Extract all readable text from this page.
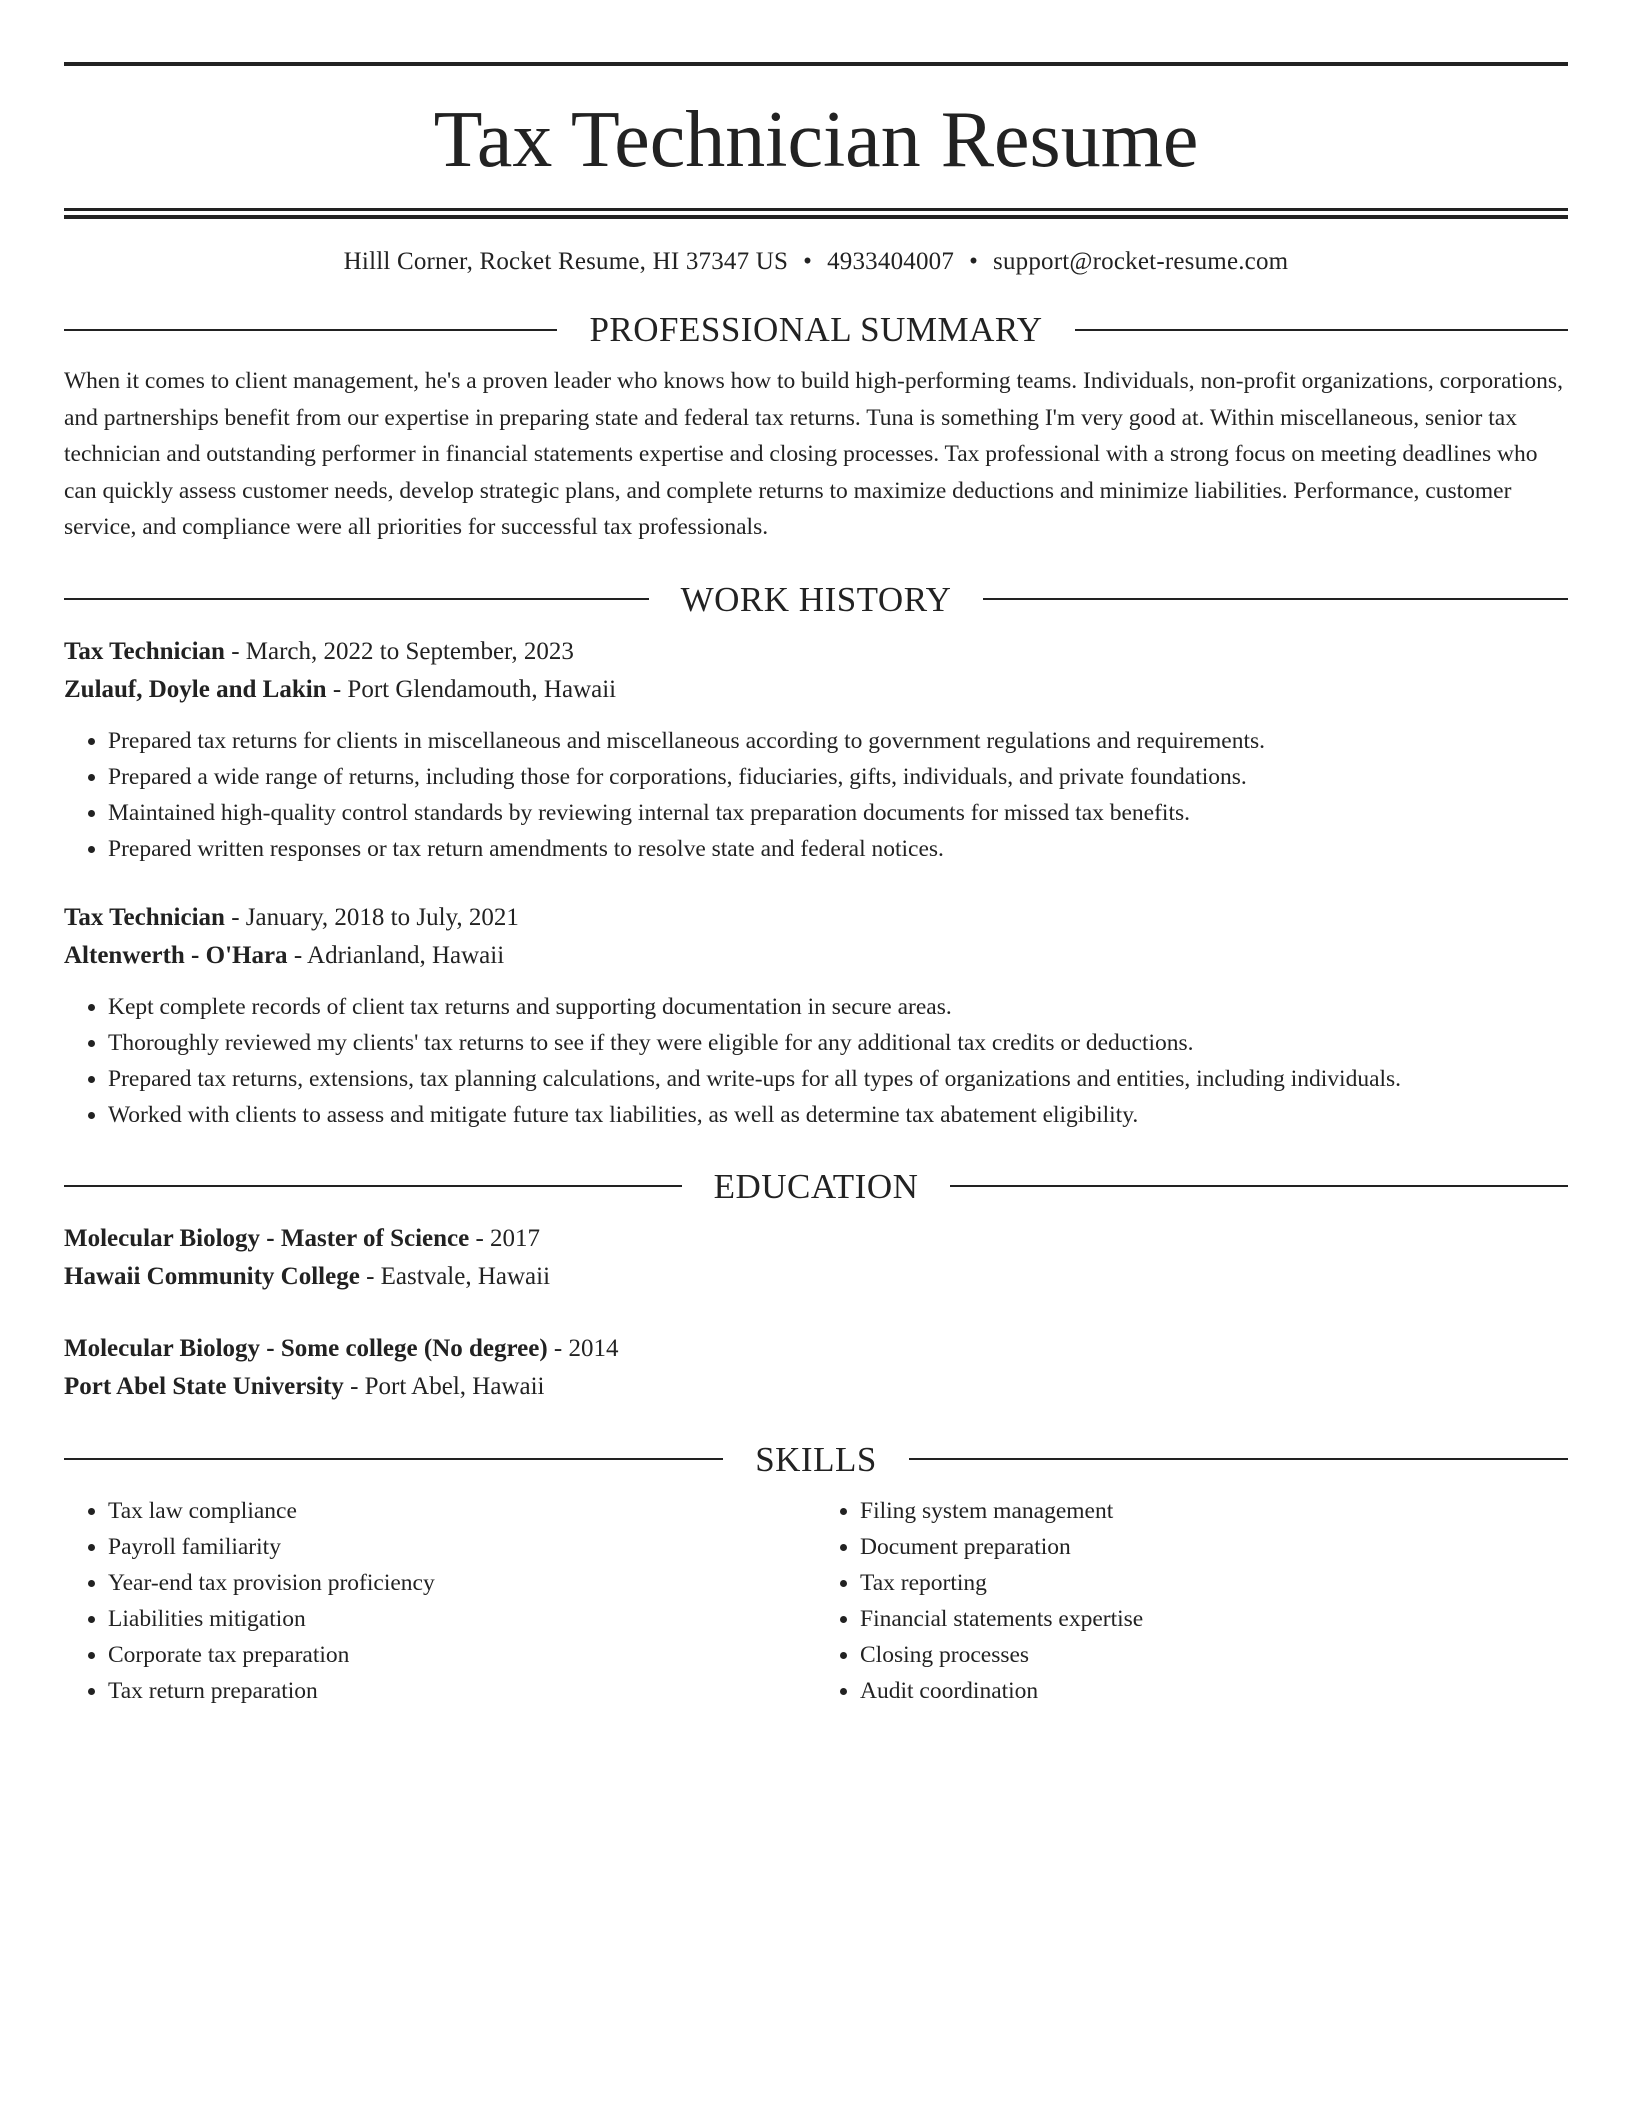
Tax Technician Resume
Hilll Corner, Rocket Resume, HI 37347 US • 4933404007 • support@rocket-resume.com
PROFESSIONAL SUMMARY

When it comes to client management, he's a proven leader who knows how to build high-performing teams. Individuals, non-profit organizations, corporations, and partnerships benefit from our expertise in preparing state and federal tax returns. Tuna is something I'm very good at. Within miscellaneous, senior tax technician and outstanding performer in financial statements expertise and closing processes. Tax professional with a strong focus on meeting deadlines who can quickly assess customer needs, develop strategic plans, and complete returns to maximize deductions and minimize liabilities. Performance, customer service, and compliance were all priorities for successful tax professionals.

WORK HISTORY
Tax Technician - March, 2022 to September, 2023
Zulauf, Doyle and Lakin - Port Glendamouth, Hawaii
• Prepared tax returns for clients in miscellaneous and miscellaneous according to government regulations and requirements.
• Prepared a wide range of returns, including those for corporations, fiduciaries, gifts, individuals, and private foundations.
• Maintained high-quality control standards by reviewing internal tax preparation documents for missed tax benefits.
• Prepared written responses or tax return amendments to resolve state and federal notices.
Tax Technician - January, 2018 to July, 2021
Altenwerth - O'Hara - Adrianland, Hawaii
• Kept complete records of client tax returns and supporting documentation in secure areas.
• Thoroughly reviewed my clients' tax returns to see if they were eligible for any additional tax credits or deductions.
• Prepared tax returns, extensions, tax planning calculations, and write-ups for all types of organizations and entities, including individuals.
• Worked with clients to assess and mitigate future tax liabilities, as well as determine tax abatement eligibility.
EDUCATION
Molecular Biology - Master of Science - 2017
Hawaii Community College - Eastvale, Hawaii
Molecular Biology - Some college (No degree) - 2014
Port Abel State University - Port Abel, Hawaii
SKILLS
• Tax law compliance
• Payroll familiarity
• Year-end tax provision proficiency
• Liabilities mitigation
• Corporate tax preparation
• Tax return preparation
• Filing system management
• Document preparation
• Tax reporting
• Financial statements expertise
• Closing processes
• Audit coordination
